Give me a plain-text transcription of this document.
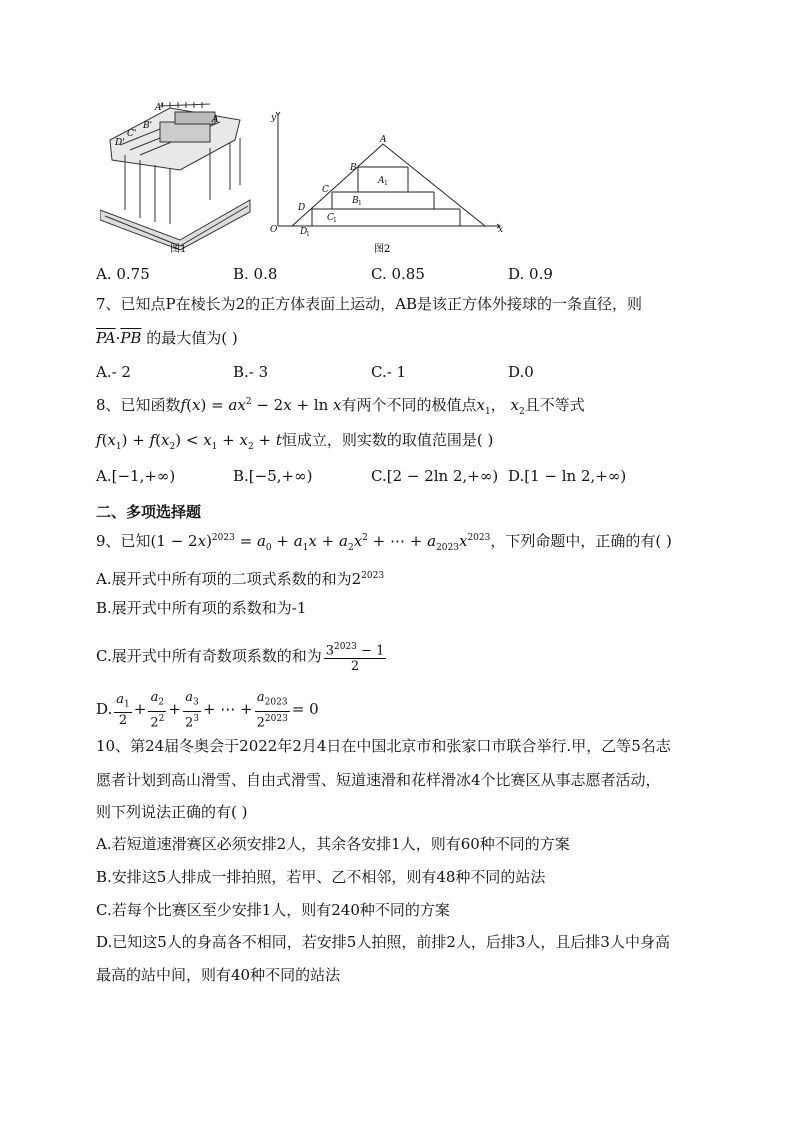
A'
A
B'
C'
D'
图1
y
x
O
A
A 1
B
B 1
C
C 1
D
D
1
图2
A. 0.75	B. 0.8	C. 0.85	D. 0.9
7、已知点P在棱长为2的正方体表面上运动，AB是该正方体外接球的一条直径，则
$\overline{PA}\cdot\overline{PB}$ 的最大值为( )
A.- 2	B.- 3	C.- 1	D.0
8、已知函数$f(x) = ax^2 - 2x + \ln x$有两个不同的极值点$x_1$， $x_2$且不等式
$f(x_1) + f(x_2) < x_1 + x_2 + t$恒成立，则实数的取值范围是( )
A.[−1,+∞)	B.[−5,+∞)	C.[2 − 2ln 2,+∞) D.[1 − ln 2,+∞)
二、多项选择题
9、已知$(1 - 2x)^{2023} = a_0 + a_1x + a_2x^2$ + ⋯ + $a_{2023}x^{2023}$，下列命题中，正确的有( )
A.展开式中所有项的二项式系数的和为$2^{2023}$
B.展开式中所有项的系数和为-1
C.展开式中所有奇数项系数的和为 $\frac{3^{2023} - 1}{2}$
D. $\frac{a_1}{2} + \frac{a_2}{2^2} + \frac{a_3}{2^3}$ + ⋯ + $\frac{a_{2023}}{2^{2023}} = 0$
10、第24届冬奥会于2022年2月4日在中国北京市和张家口市联合举行.甲，乙等5名志
愿者计划到高山滑雪、自由式滑雪、短道速滑和花样滑冰4个比赛区从事志愿者活动，
则下列说法正确的有( )
A.若短道速滑赛区必须安排2人，其余各安排1人，则有60种不同的方案
B.安排这5人排成一排拍照，若甲、乙不相邻，则有48种不同的站法
C.若每个比赛区至少安排1人，则有240种不同的方案
D.已知这5人的身高各不相同，若安排5人拍照，前排2人，后排3人，且后排3人中身高
最高的站中间，则有40种不同的站法
